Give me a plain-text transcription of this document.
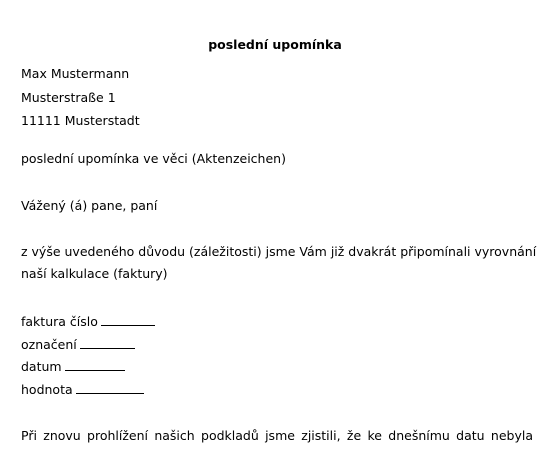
poslední upomínka
Max Mustermann
Musterstraße 1
11111 Musterstadt
poslední upomínka ve věci (Aktenzeichen)
Vážený (á) pane, paní
z výše uvedeného důvodu (záležitosti) jsme Vám již dvakrát připomínali vyrovnání
naší kalkulace (faktury)
faktura číslo
označení
datum
hodnota
Při znovu prohlížení našich podkladů jsme zjistili, že ke dnešnímu datu nebyla
